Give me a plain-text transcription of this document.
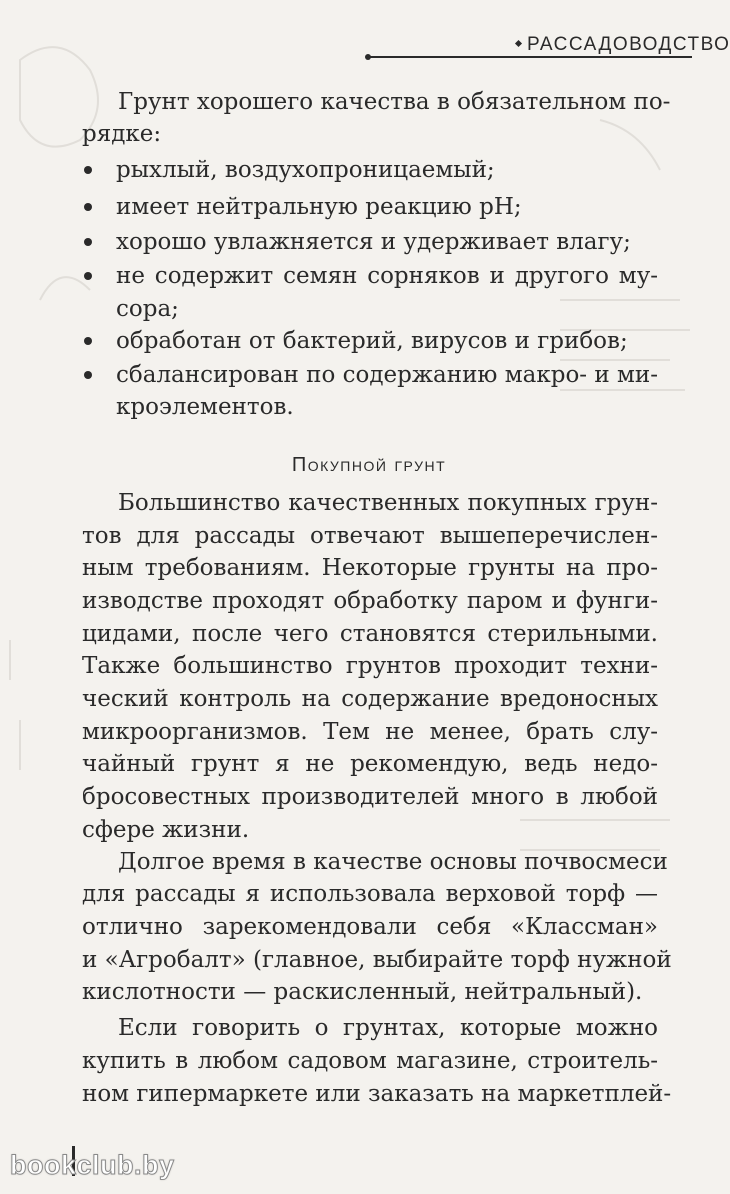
РАССАДОВОДСТВО
Грунт хорошего качества в обязательном по-
рядке:
рыхлый, воздухопроницаемый;
имеет нейтральную реакцию pH;
хорошо увлажняется и удерживает влагу;
не содержит семян сорняков и другого му-
сора;
обработан от бактерий, вирусов и грибов;
сбалансирован по содержанию макро- и ми-
кроэлементов.
Покупной грунт
Большинство качественных покупных грун-
тов для рассады отвечают вышеперечислен-
ным требованиям. Некоторые грунты на про-
изводстве проходят обработку паром и фунги-
цидами, после чего становятся стерильными.
Также большинство грунтов проходит техни-
ческий контроль на содержание вредоносных
микроорганизмов. Тем не менее, брать слу-
чайный грунт я не рекомендую, ведь недо-
бросовестных производителей много в любой
сфере жизни.
Долгое время в качестве основы почвосмеси
для рассады я использовала верховой торф —
отлично зарекомендовали себя «Классман»
и «Агробалт» (главное, выбирайте торф нужной
кислотности — раскисленный, нейтральный).
Если говорить о грунтах, которые можно
купить в любом садовом магазине, строитель-
ном гипермаркете или заказать на маркетплей-
bookclub.by
